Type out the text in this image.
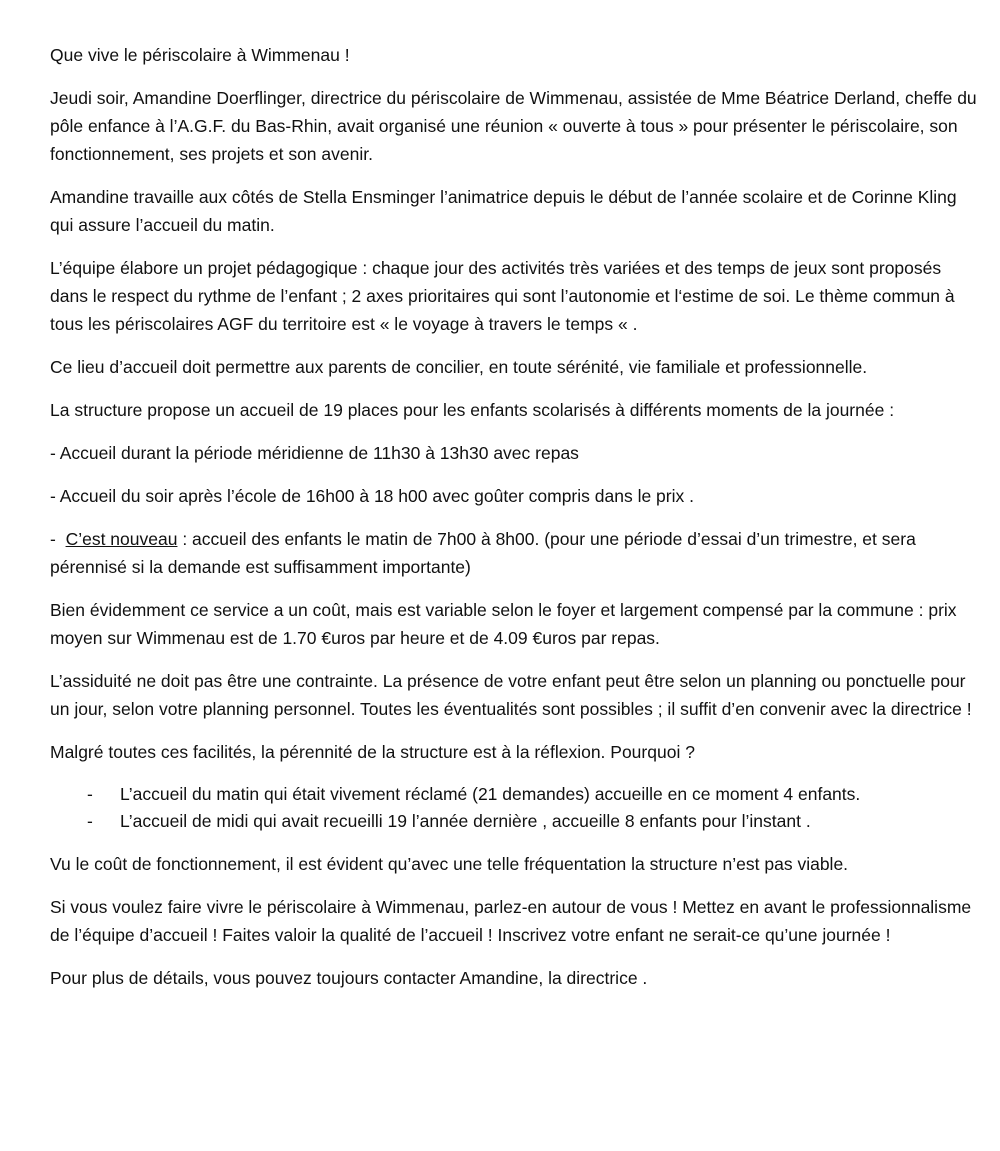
Que vive le périscolaire à Wimmenau !

Jeudi soir, Amandine Doerflinger, directrice du périscolaire de Wimmenau, assistée de Mme Béatrice Derland, cheffe du pôle enfance à l’A.G.F. du Bas-Rhin, avait organisé une réunion « ouverte à tous » pour présenter le périscolaire, son fonctionnement, ses projets et son avenir.

Amandine travaille aux côtés de Stella Ensminger l’animatrice depuis le début de l’année scolaire et de Corinne Kling qui assure l’accueil du matin.

L’équipe élabore un projet pédagogique : chaque jour des activités très variées et des temps de jeux sont proposés dans le respect du rythme de l’enfant ; 2 axes prioritaires qui sont l’autonomie et l‘estime de soi. Le thème commun à tous les périscolaires AGF du territoire est « le voyage à travers le temps « .

Ce lieu d’accueil doit permettre aux parents de concilier, en toute sérénité, vie familiale et professionnelle.

La structure propose un accueil de 19 places pour les enfants scolarisés à différents moments de la journée :

- Accueil durant la période méridienne de 11h30 à 13h30 avec repas

- Accueil du soir après l’école de 16h00 à 18 h00 avec goûter compris dans le prix .

-  C’est nouveau : accueil des enfants le matin de 7h00 à 8h00. (pour une période d’essai d’un trimestre, et sera pérennisé si la demande est suffisamment importante)

Bien évidemment ce service a un coût, mais est variable selon le foyer et largement compensé par la commune : prix moyen sur Wimmenau est de 1.70 €uros par heure et de 4.09 €uros par repas.

L’assiduité ne doit pas être une contrainte. La présence de votre enfant peut être selon un planning ou ponctuelle pour un jour, selon votre planning personnel. Toutes les éventualités sont possibles ; il suffit d’en convenir avec la directrice !

Malgré toutes ces facilités, la pérennité de la structure est à la réflexion. Pourquoi ?

- L’accueil du matin qui était vivement réclamé (21 demandes) accueille en ce moment 4 enfants.
- L’accueil de midi qui avait recueilli 19 l’année dernière , accueille 8 enfants pour l’instant .

Vu le coût de fonctionnement, il est évident qu’avec une telle fréquentation la structure n’est pas viable.

Si vous voulez faire vivre le périscolaire à Wimmenau, parlez-en autour de vous ! Mettez en avant le professionnalisme de l’équipe d’accueil ! Faites valoir la qualité de l’accueil ! Inscrivez votre enfant ne serait-ce qu’une journée !

Pour plus de détails, vous pouvez toujours contacter Amandine, la directrice .
